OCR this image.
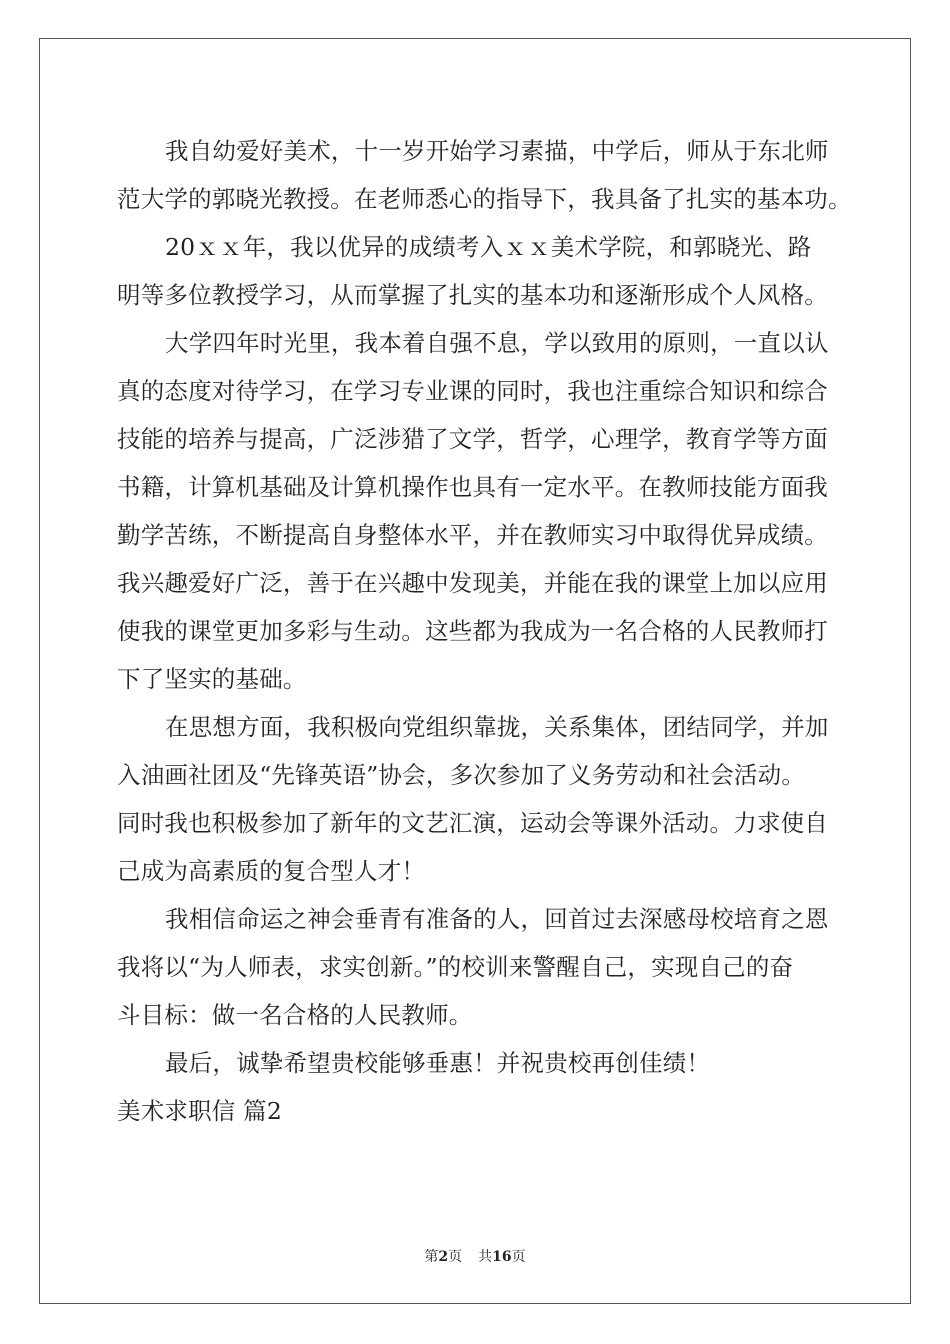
我自幼爱好美术，十一岁开始学习素描，中学后，师从于东北师
范大学的郭晓光教授。在老师悉心的指导下，我具备了扎实的基本功。
20ｘｘ年，我以优异的成绩考入ｘｘ美术学院，和郭晓光、路
明等多位教授学习，从而掌握了扎实的基本功和逐渐形成个人风格。
大学四年时光里，我本着自强不息，学以致用的原则，一直以认
真的态度对待学习，在学习专业课的同时，我也注重综合知识和综合
技能的培养与提高，广泛涉猎了文学，哲学，心理学，教育学等方面
书籍，计算机基础及计算机操作也具有一定水平。在教师技能方面我
勤学苦练，不断提高自身整体水平，并在教师实习中取得优异成绩。
我兴趣爱好广泛，善于在兴趣中发现美，并能在我的课堂上加以应用
使我的课堂更加多彩与生动。这些都为我成为一名合格的人民教师打
下了坚实的基础。
在思想方面，我积极向党组织靠拢，关系集体，团结同学，并加
入油画社团及“先锋英语”协会，多次参加了义务劳动和社会活动。
同时我也积极参加了新年的文艺汇演，运动会等课外活动。力求使自
己成为高素质的复合型人才！
我相信命运之神会垂青有准备的人，回首过去深感母校培育之恩
我将以“为人师表，求实创新。”的校训来警醒自己，实现自己的奋
斗目标：做一名合格的人民教师。
最后，诚挚希望贵校能够垂惠！并祝贵校再创佳绩！
美术求职信 篇2
第2页 共16页
